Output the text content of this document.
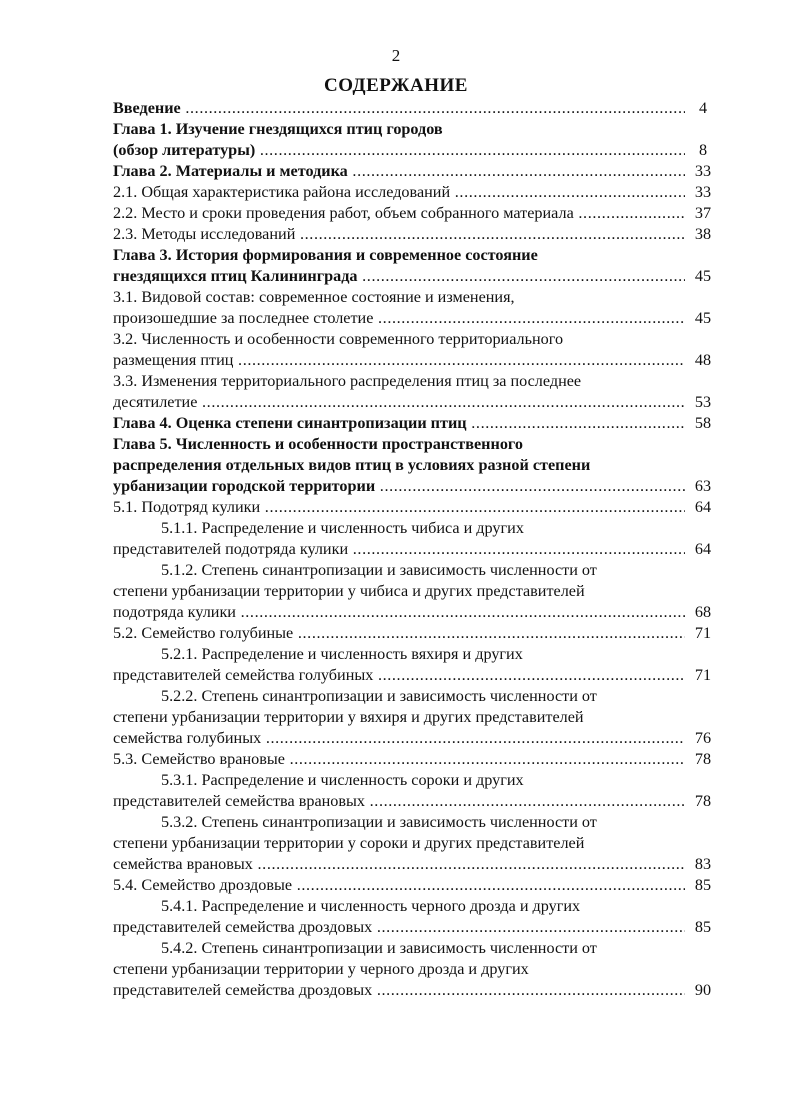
2
СОДЕРЖАНИЕ
Введение .....	4
Глава 1. Изучение гнездящихся птиц городов
(обзор литературы) .....	8
Глава 2. Материалы и методика .....	33
2.1. Общая характеристика района исследований .....	33
2.2. Место и сроки проведения работ, объем собранного материала .....	37
2.3. Методы исследований .....	38
Глава 3. История формирования и современное состояние
гнездящихся птиц Калининграда .....	45
3.1. Видовой состав: современное состояние и изменения,
произошедшие за последнее столетие .....	45
3.2. Численность и особенности современного территориального
размещения птиц .....	48
3.3. Изменения территориального распределения птиц за последнее
десятилетие .....	53
Глава 4. Оценка степени синантропизации птиц .....	58
Глава 5. Численность и особенности пространственного
распределения отдельных видов птиц в условиях разной степени
урбанизации городской территории .....	63
5.1. Подотряд кулики .....	64
5.1.1. Распределение и численность чибиса и других
представителей подотряда кулики .....	64
5.1.2. Степень синантропизации и зависимость численности от
степени урбанизации территории у чибиса и других представителей
подотряда кулики .....	68
5.2. Семейство голубиные .....	71
5.2.1. Распределение и численность вяхиря и других
представителей семейства голубиных .....	71
5.2.2. Степень синантропизации и зависимость численности от
степени урбанизации территории у вяхиря и других представителей
семейства голубиных .....	76
5.3. Семейство врановые .....	78
5.3.1. Распределение и численность сороки и других
представителей семейства врановых .....	78
5.3.2. Степень синантропизации и зависимость численности от
степени урбанизации территории у сороки и других представителей
семейства врановых .....	83
5.4. Семейство дроздовые .....	85
5.4.1. Распределение и численность черного дрозда и других
представителей семейства дроздовых .....	85
5.4.2. Степень синантропизации и зависимость численности от
степени урбанизации территории у черного дрозда и других
представителей семейства дроздовых .....	90
